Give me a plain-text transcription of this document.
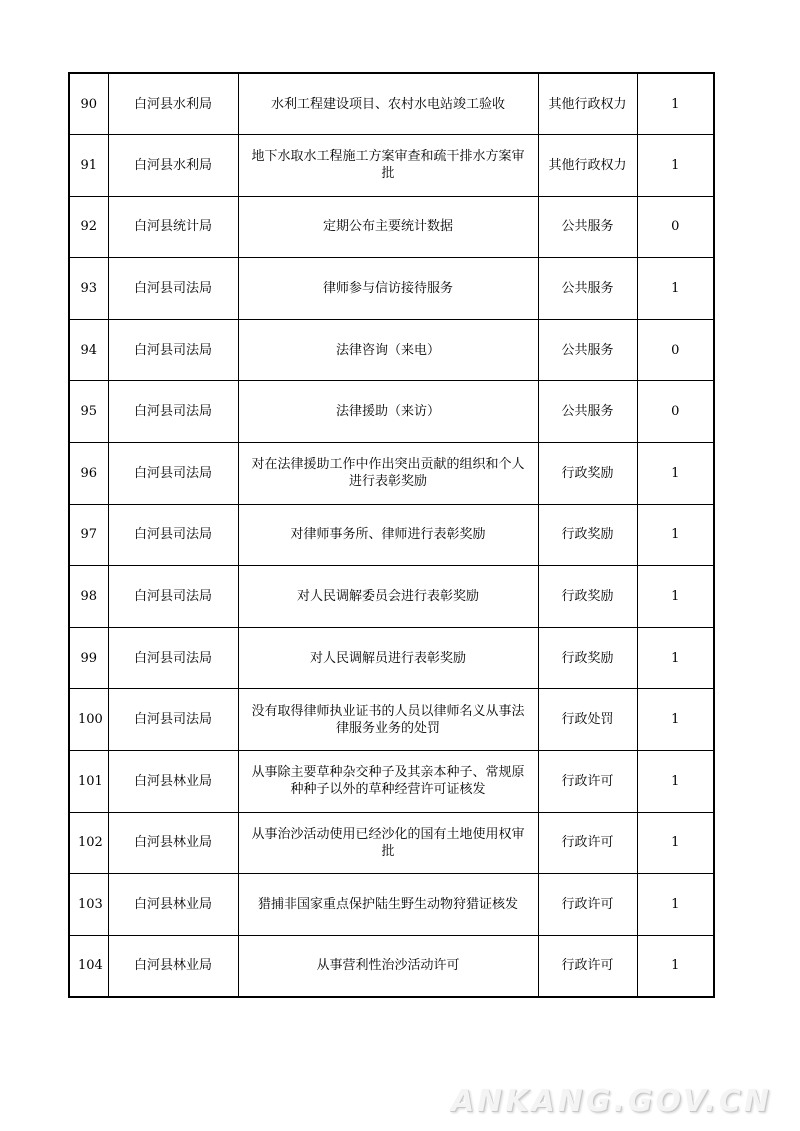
90	白河县水利局	水利工程建设项目、农村水电站竣工验收	其他行政权力	1
91	白河县水利局	地下水取水工程施工方案审查和疏干排水方案审批	其他行政权力	1
92	白河县统计局	定期公布主要统计数据	公共服务	0
93	白河县司法局	律师参与信访接待服务	公共服务	1
94	白河县司法局	法律咨询（来电）	公共服务	0
95	白河县司法局	法律援助（来访）	公共服务	0
96	白河县司法局	对在法律援助工作中作出突出贡献的组织和个人进行表彰奖励	行政奖励	1
97	白河县司法局	对律师事务所、律师进行表彰奖励	行政奖励	1
98	白河县司法局	对人民调解委员会进行表彰奖励	行政奖励	1
99	白河县司法局	对人民调解员进行表彰奖励	行政奖励	1
100	白河县司法局	没有取得律师执业证书的人员以律师名义从事法律服务业务的处罚	行政处罚	1
101	白河县林业局	从事除主要草种杂交种子及其亲本种子、常规原种种子以外的草种经营许可证核发	行政许可	1
102	白河县林业局	从事治沙活动使用已经沙化的国有土地使用权审批	行政许可	1
103	白河县林业局	猎捕非国家重点保护陆生野生动物狩猎证核发	行政许可	1
104	白河县林业局	从事营利性治沙活动许可	行政许可	1
ANKANG.GOV.CN
